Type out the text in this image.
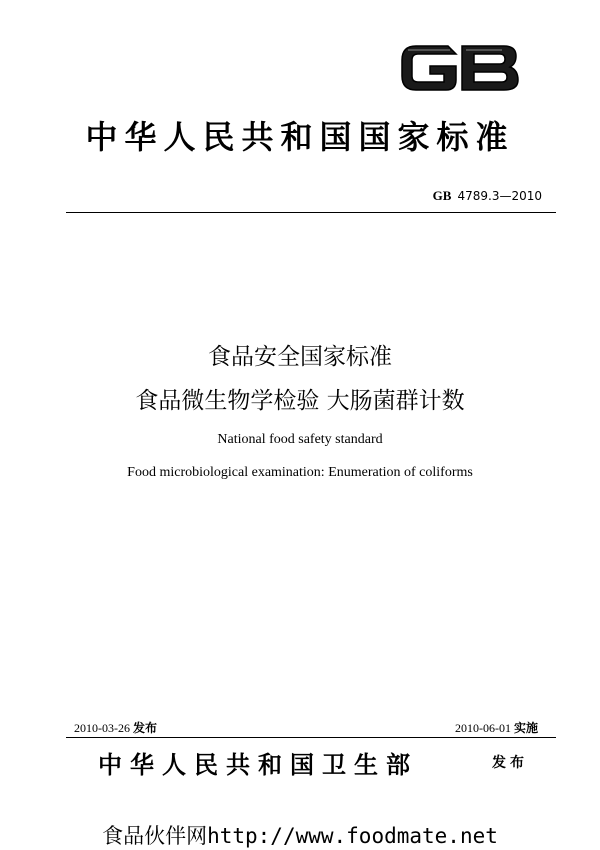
中华人民共和国国家标准
GB 4789.3—2010
食品安全国家标准
食品微生物学检验 大肠菌群计数
National food safety standard
Food microbiological examination: Enumeration of coliforms
2010-03-26 发布	2010-06-01 实施
中华人民共和国卫生部	发布
食品伙伴网http://www.foodmate.net
